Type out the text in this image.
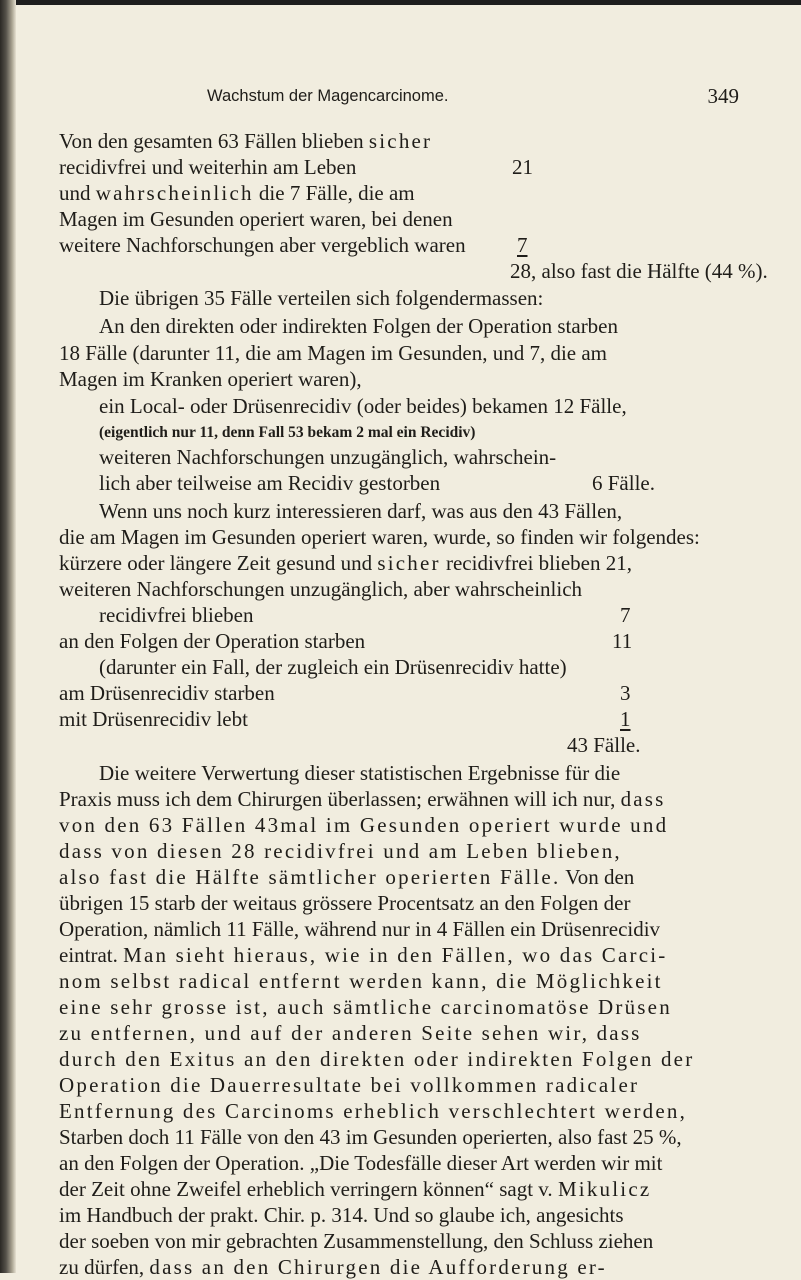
Wachstum der Magencarcinome.	349
Von den gesamten 63 Fällen blieben sicher
recidivfrei und weiterhin am Leben	21
und wahrscheinlich die 7 Fälle, die am
Magen im Gesunden operiert waren, bei denen
weitere Nachforschungen aber vergeblich waren	7
28, also fast die Hälfte (44 %).
Die übrigen 35 Fälle verteilen sich folgendermassen:
An den direkten oder indirekten Folgen der Operation starben
18 Fälle (darunter 11, die am Magen im Gesunden, und 7, die am
Magen im Kranken operiert waren),
ein Local- oder Drüsenrecidiv (oder beides) bekamen 12 Fälle,
(eigentlich nur 11, denn Fall 53 bekam 2 mal ein Recidiv)
weiteren Nachforschungen unzugänglich, wahrschein-
lich aber teilweise am Recidiv gestorben	6 Fälle.
Wenn uns noch kurz interessieren darf, was aus den 43 Fällen,
die am Magen im Gesunden operiert waren, wurde, so finden wir folgendes:
kürzere oder längere Zeit gesund und sicher recidivfrei blieben 21,
weiteren Nachforschungen unzugänglich, aber wahrscheinlich
recidivfrei blieben	7
an den Folgen der Operation starben	11
(darunter ein Fall, der zugleich ein Drüsenrecidiv hatte)
am Drüsenrecidiv starben	3
mit Drüsenrecidiv lebt	1
43 Fälle.
Die weitere Verwertung dieser statistischen Ergebnisse für die
Praxis muss ich dem Chirurgen überlassen; erwähnen will ich nur, dass
von den 63 Fällen 43mal im Gesunden operiert wurde und
dass von diesen 28 recidivfrei und am Leben blieben,
also fast die Hälfte sämtlicher operierten Fälle. Von den
übrigen 15 starb der weitaus grössere Procentsatz an den Folgen der
Operation, nämlich 11 Fälle, während nur in 4 Fällen ein Drüsenrecidiv
eintrat. Man sieht hieraus, wie in den Fällen, wo das Carci-
nom selbst radical entfernt werden kann, die Möglichkeit
eine sehr grosse ist, auch sämtliche carcinomatöse Drüsen
zu entfernen, und auf der anderen Seite sehen wir, dass
durch den Exitus an den direkten oder indirekten Folgen der
Operation die Dauerresultate bei vollkommen radicaler
Entfernung des Carcinoms erheblich verschlechtert werden,
Starben doch 11 Fälle von den 43 im Gesunden operierten, also fast 25 %,
an den Folgen der Operation. „Die Todesfälle dieser Art werden wir mit
der Zeit ohne Zweifel erheblich verringern können“ sagt v. Mikulicz
im Handbuch der prakt. Chir. p. 314. Und so glaube ich, angesichts
der soeben von mir gebrachten Zusammenstellung, den Schluss ziehen
zu dürfen, dass an den Chirurgen die Aufforderung er-
